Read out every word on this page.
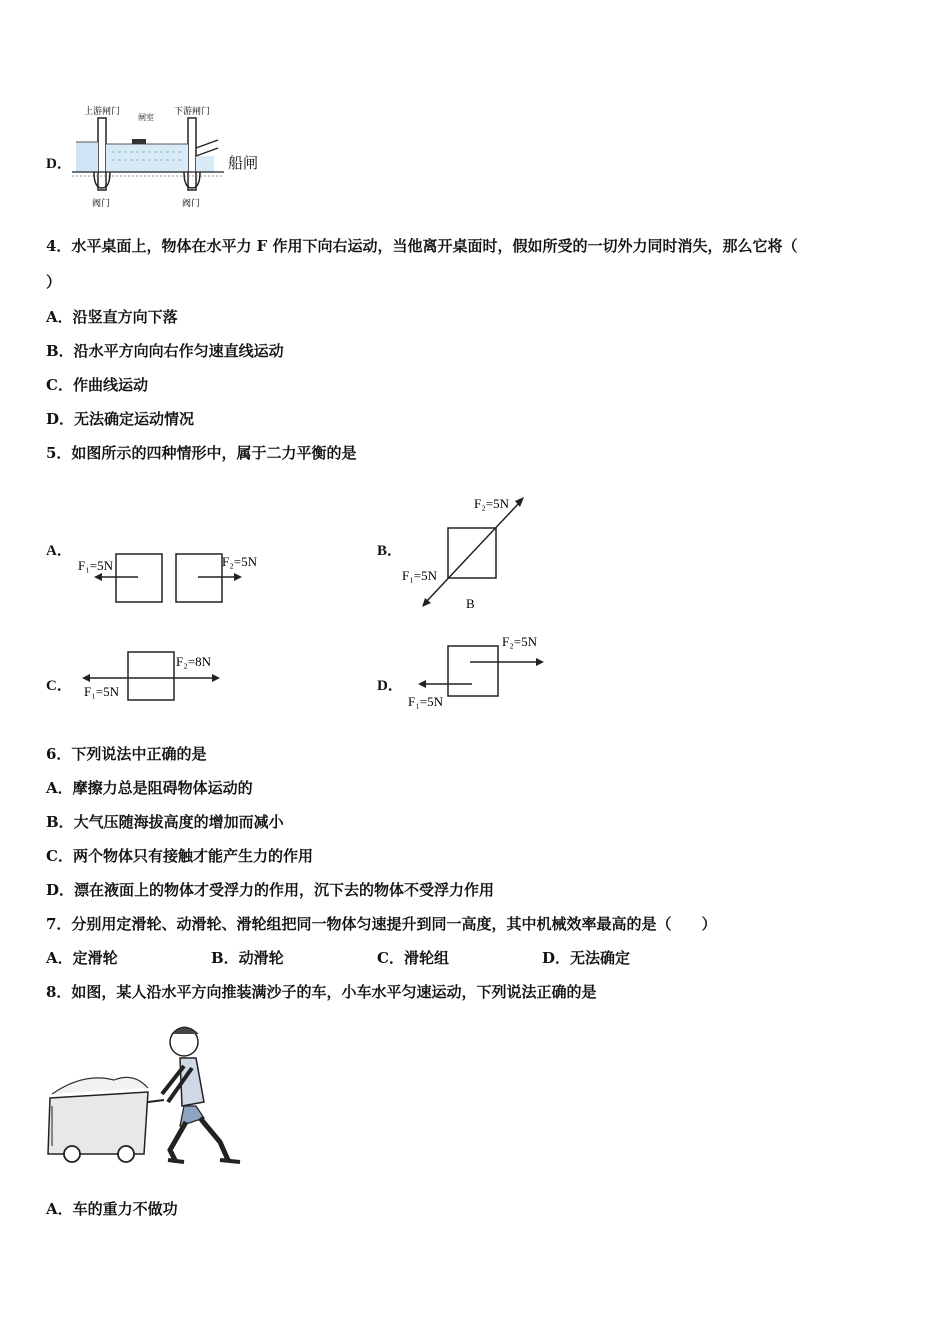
D．
上游闸门
闸室
下游闸门
阀门	阀门
船闸
4．水平桌面上，物体在水平力 F 作用下向右运动，当他离开桌面时，假如所受的一切外力同时消失，那么它将（
）
A．沿竖直方向下落
B．沿水平方向向右作匀速直线运动
C．作曲线运动
D．无法确定运动情况
5．如图所示的四种情形中，属于二力平衡的是
A．
F₁=5N	F₂=5N
B．
F₂=5N
F₁=5N
B
C．
F₂=8N
F₁=5N	D．
F₂=5N
F₁=5N
6．下列说法中正确的是
A．摩擦力总是阻碍物体运动的
B．大气压随海拔高度的增加而减小
C．两个物体只有接触才能产生力的作用
D．漂在液面上的物体才受浮力的作用，沉下去的物体不受浮力作用
7．分别用定滑轮、动滑轮、滑轮组把同一物体匀速提升到同一高度，其中机械效率最高的是（　　）
A．定滑轮	B．动滑轮	C．滑轮组	D．无法确定
8．如图，某人沿水平方向推装满沙子的车，小车水平匀速运动，下列说法正确的是
A．车的重力不做功
